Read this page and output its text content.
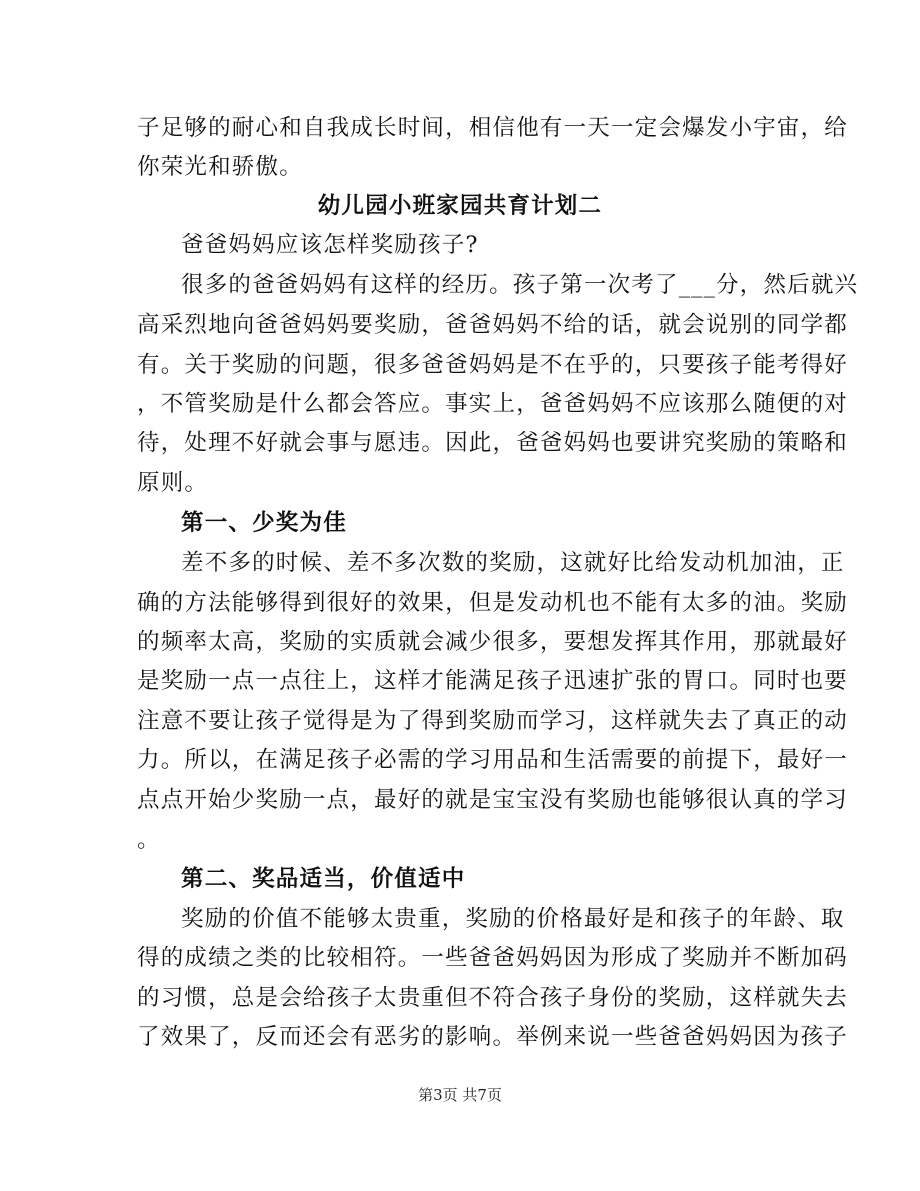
子足够的耐心和自我成长时间，相信他有一天一定会爆发小宇宙，给
你荣光和骄傲。
幼儿园小班家园共育计划二
爸爸妈妈应该怎样奖励孩子?
很多的爸爸妈妈有这样的经历。孩子第一次考了___分，然后就兴
高采烈地向爸爸妈妈要奖励，爸爸妈妈不给的话，就会说别的同学都
有。关于奖励的问题，很多爸爸妈妈是不在乎的，只要孩子能考得好
，不管奖励是什么都会答应。事实上，爸爸妈妈不应该那么随便的对
待，处理不好就会事与愿违。因此，爸爸妈妈也要讲究奖励的策略和
原则。
第一、少奖为佳
差不多的时候、差不多次数的奖励，这就好比给发动机加油，正
确的方法能够得到很好的效果，但是发动机也不能有太多的油。奖励
的频率太高，奖励的实质就会减少很多，要想发挥其作用，那就最好
是奖励一点一点往上，这样才能满足孩子迅速扩张的胃口。同时也要
注意不要让孩子觉得是为了得到奖励而学习，这样就失去了真正的动
力。所以，在满足孩子必需的学习用品和生活需要的前提下，最好一
点点开始少奖励一点，最好的就是宝宝没有奖励也能够很认真的学习
。
第二、奖品适当，价值适中
奖励的价值不能够太贵重，奖励的价格最好是和孩子的年龄、取
得的成绩之类的比较相符。一些爸爸妈妈因为形成了奖励并不断加码
的习惯，总是会给孩子太贵重但不符合孩子身份的奖励，这样就失去
了效果了，反而还会有恶劣的影响。举例来说一些爸爸妈妈因为孩子
第3页 共7页
